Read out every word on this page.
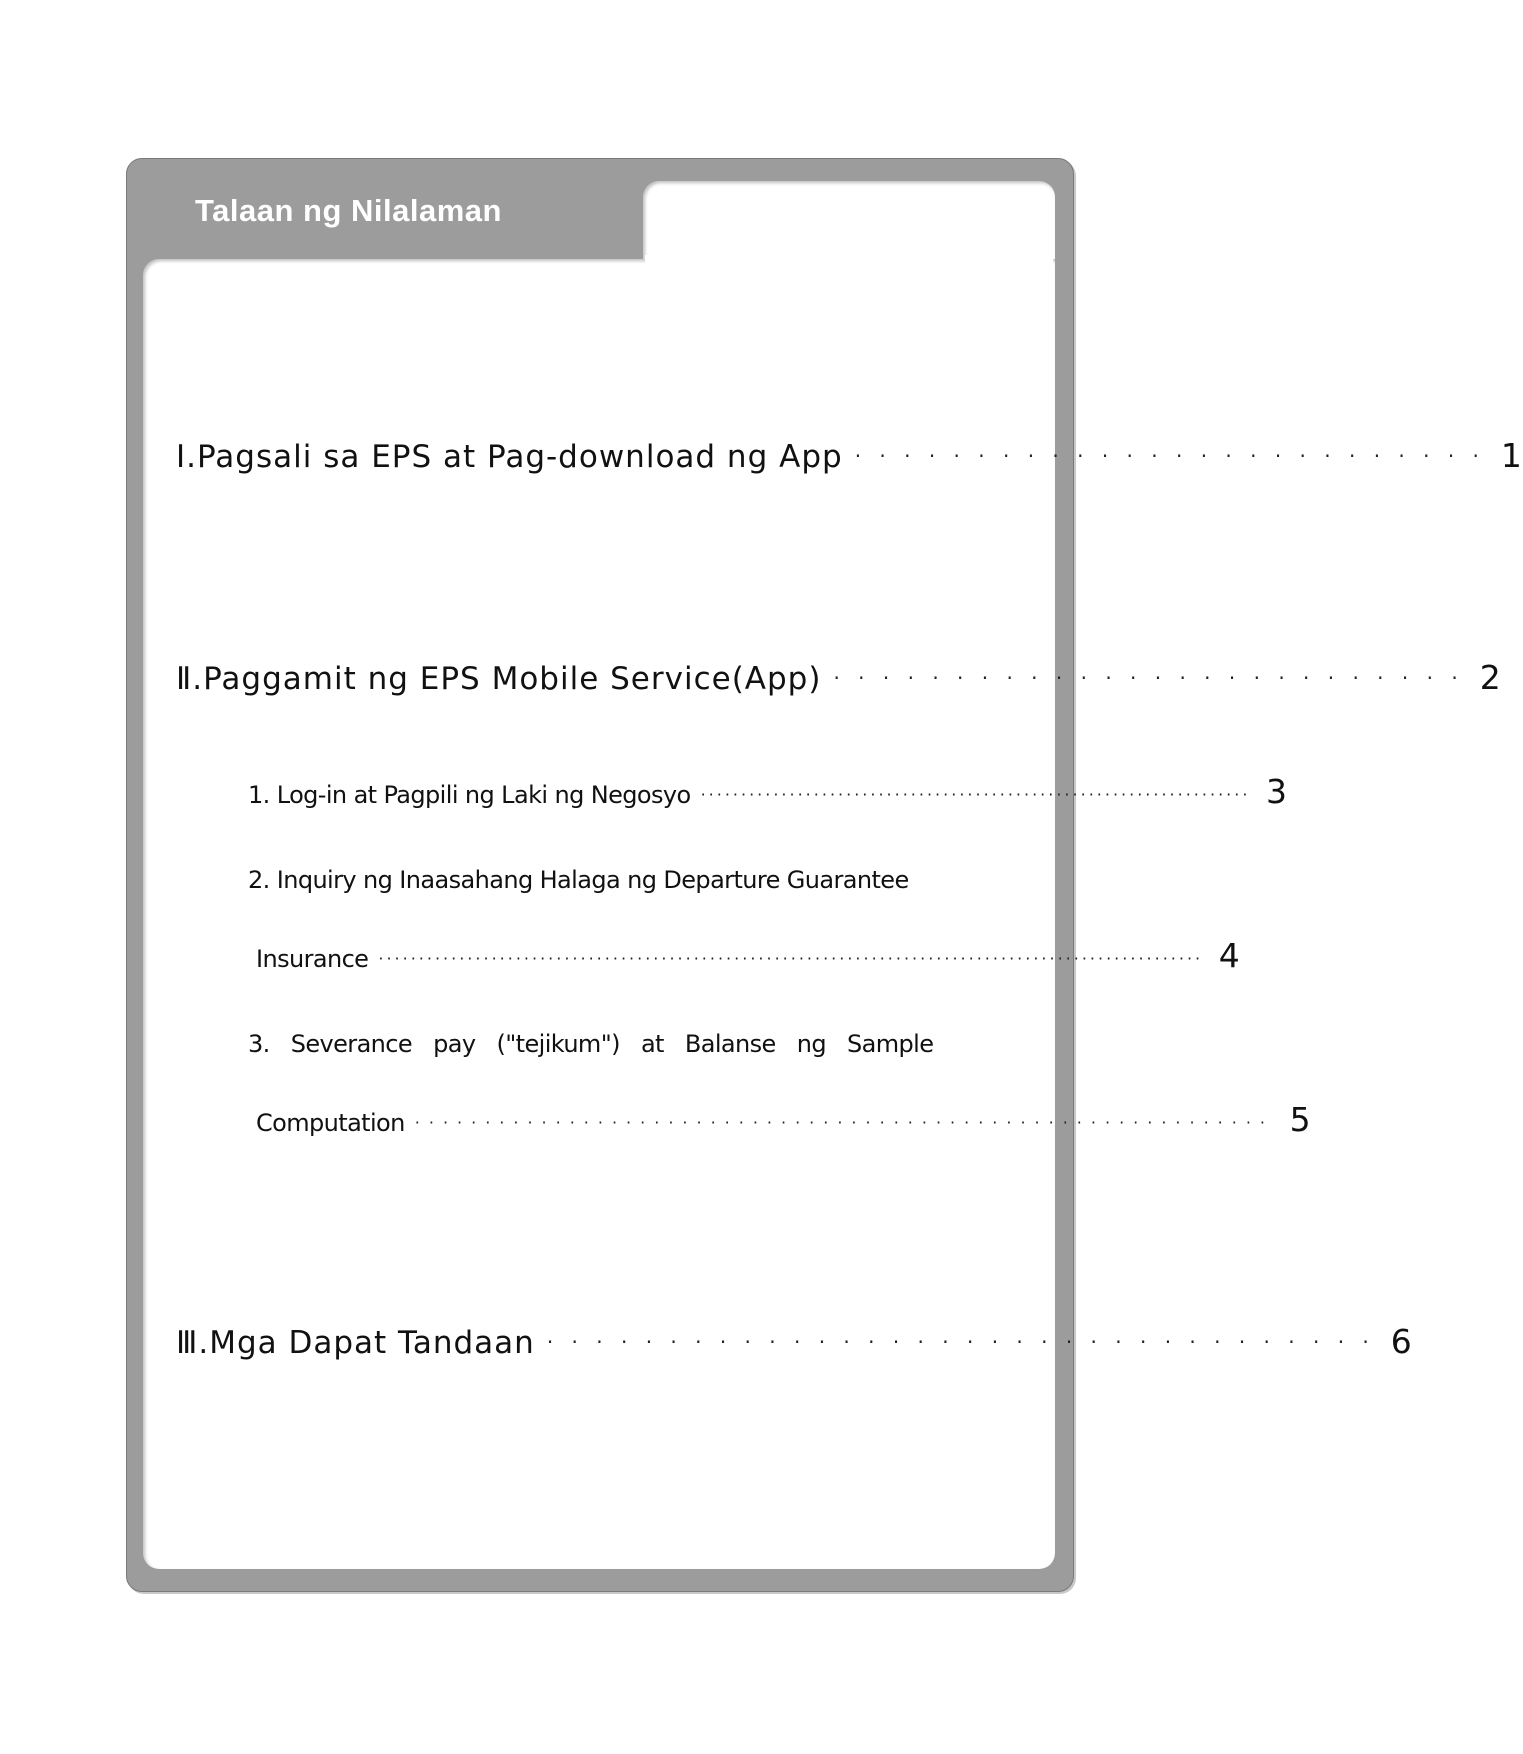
Talaan ng Nilalaman
Ⅰ. Pagsali sa EPS at Pag-download ng App · · · · · · · · · · · · · · · · · · · · · · · · · · 1
Ⅱ. Paggamit ng EPS Mobile Service(App) · · · · · · · · · · · · · · · · · · · · · · · · · · 2
1. Log-in at Pagpili ng Laki ng Negosyo ···································································· 3
2. Inquiry ng Inaasahang Halaga ng Departure Guarantee
Insurance ······································································································ 4
3. Severance pay ("tejikum") at Balanse ng Sample
Computation ····························································· 5
Ⅲ. Mga Dapat Tandaan · · · · · · · · · · · · · · · · · · · · · · · · · · · · · · · · · · 6
